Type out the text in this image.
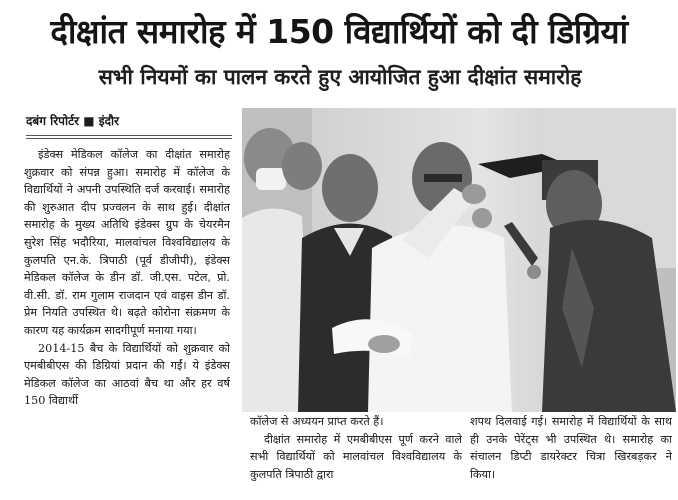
दीक्षांत समारोह में 150 विद्यार्थियों को दी डिग्रियां
सभी नियमों का पालन करते हुए आयोजित हुआ दीक्षांत समारोह
दबंग रिपोर्टर ■ इंदौर

इंडेक्स मेडिकल कॉलेज का दीक्षांत समारोह शुक्रवार को संपन्न हुआ। समारोह में कॉलेज के विद्यार्थियों ने अपनी उपस्थिति दर्ज करवाई। समारोह की शुरुआत दीप प्रज्वलन के साथ हुई। दीक्षांत समारोह के मुख्य अतिथि इंडेक्स ग्रुप के चेयरमैन सुरेश सिंह भदौरिया, मालवांचल विश्वविद्यालय के कुलपति एन.के. त्रिपाठी (पूर्व डीजीपी), इंडेक्स मेडिकल कॉलेज के डीन डॉ. जी.एस. पटेल, प्रो. वी.सी. डॉ. राम गुलाम राजदान एवं वाइस डीन डॉ. प्रेम नियति उपस्थित थे। बढ़ते कोरोना संक्रमण के कारण यह कार्यक्रम सादगीपूर्ण मनाया गया।

2014-15 बैच के विद्यार्थियों को शुक्रवार को एमबीबीएस की डिग्रियां प्रदान की गईं। ये इंडेक्स मेडिकल कॉलेज का आठवां बैच था और हर वर्ष 150 विद्यार्थी

कॉलेज से अध्ययन प्राप्त करते हैं।

दीक्षांत समारोह में एमबीबीएस पूर्ण करने वाले सभी विद्यार्थियों को मालवांचल विश्वविद्यालय के कुलपति त्रिपाठी द्वारा

शपथ दिलवाई गई। समारोह में विद्यार्थियों के साथ ही उनके पेरेंट्स भी उपस्थित थे। समारोह का संचालन डिप्टी डायरेक्टर चित्रा खिरबड़कर ने किया।
